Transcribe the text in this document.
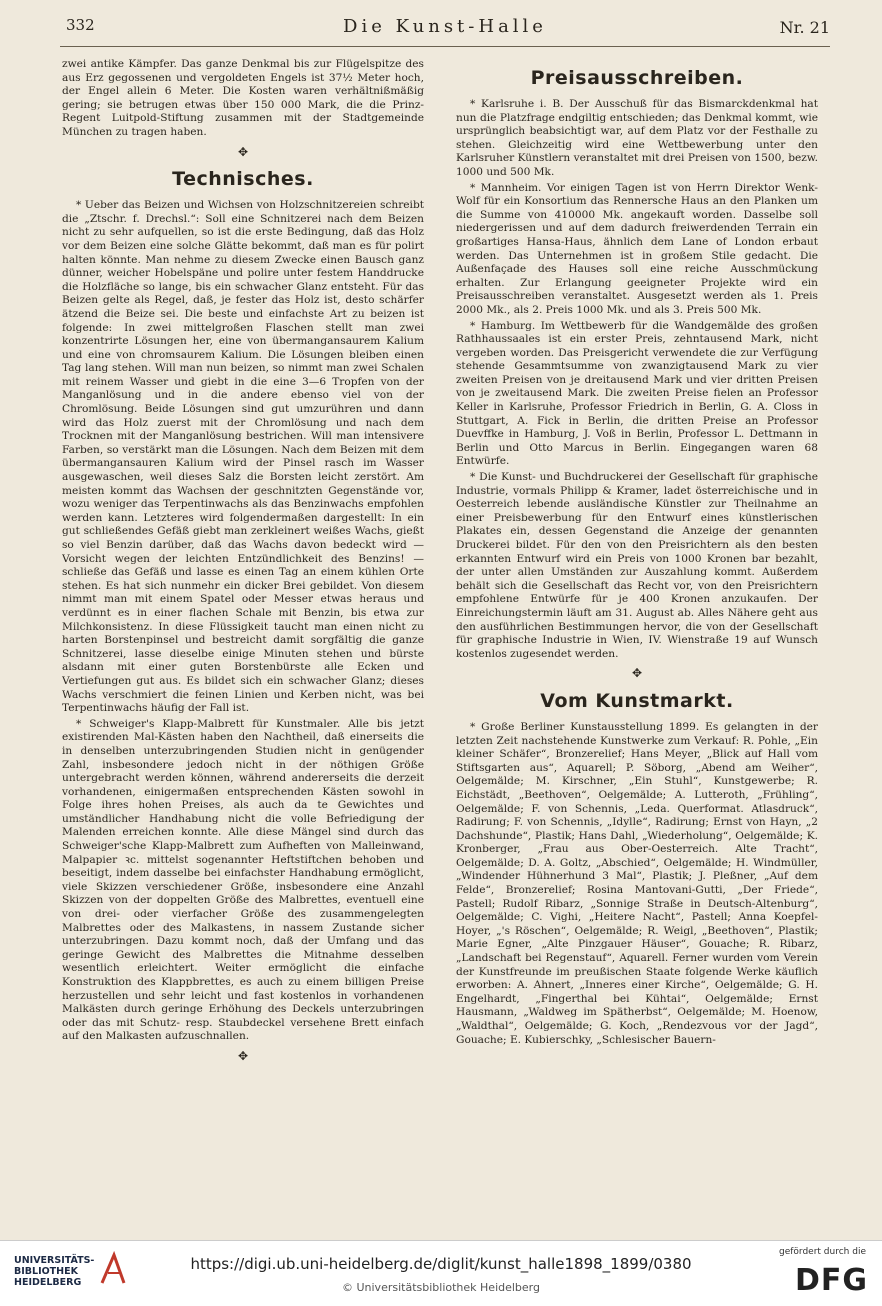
332	Die Kunst-Halle	Nr. 21

zwei antike Kämpfer. Das ganze Denkmal bis zur Flügelspitze des aus Erz gegossenen und vergoldeten Engels ist 37½ Meter hoch, der Engel allein 6 Meter. Die Kosten waren verhältnißmäßig gering; sie betrugen etwas über 150 000 Mark, die die Prinz-Regent Luitpold-Stiftung zusammen mit der Stadtgemeinde München zu tragen haben.

✥
Technisches.

* Ueber das Beizen und Wichsen von Holzschnitzereien schreibt die „Ztschr. f. Drechsl.“: Soll eine Schnitzerei nach dem Beizen nicht zu sehr aufquellen, so ist die erste Bedingung, daß das Holz vor dem Beizen eine solche Glätte bekommt, daß man es für polirt halten könnte. Man nehme zu diesem Zwecke einen Bausch ganz dünner, weicher Hobelspäne und polire unter festem Handdrucke die Holzfläche so lange, bis ein schwacher Glanz entsteht. Für das Beizen gelte als Regel, daß, je fester das Holz ist, desto schärfer ätzend die Beize sei. Die beste und einfachste Art zu beizen ist folgende: In zwei mittelgroßen Flaschen stellt man zwei konzentrirte Lösungen her, eine von übermangansaurem Kalium und eine von chromsaurem Kalium. Die Lösungen bleiben einen Tag lang stehen. Will man nun beizen, so nimmt man zwei Schalen mit reinem Wasser und giebt in die eine 3—6 Tropfen von der Manganlösung und in die andere ebenso viel von der Chromlösung. Beide Lösungen sind gut umzurühren und dann wird das Holz zuerst mit der Chromlösung und nach dem Trocknen mit der Manganlösung bestrichen. Will man intensivere Farben, so verstärkt man die Lösungen. Nach dem Beizen mit dem übermangansauren Kalium wird der Pinsel rasch im Wasser ausgewaschen, weil dieses Salz die Borsten leicht zerstört. Am meisten kommt das Wachsen der geschnitzten Gegenstände vor, wozu weniger das Terpentinwachs als das Benzinwachs empfohlen werden kann. Letzteres wird folgendermaßen dargestellt: In ein gut schließendes Gefäß giebt man zerkleinert weißes Wachs, gießt so viel Benzin darüber, daß das Wachs davon bedeckt wird — Vorsicht wegen der leichten Entzündlichkeit des Benzins! — schließe das Gefäß und lasse es einen Tag an einem kühlen Orte stehen. Es hat sich nunmehr ein dicker Brei gebildet. Von diesem nimmt man mit einem Spatel oder Messer etwas heraus und verdünnt es in einer flachen Schale mit Benzin, bis etwa zur Milchkonsistenz. In diese Flüssigkeit taucht man einen nicht zu harten Borstenpinsel und bestreicht damit sorgfältig die ganze Schnitzerei, lasse dieselbe einige Minuten stehen und bürste alsdann mit einer guten Borstenbürste alle Ecken und Vertiefungen gut aus. Es bildet sich ein schwacher Glanz; dieses Wachs verschmiert die feinen Linien und Kerben nicht, was bei Terpentinwachs häufig der Fall ist.

* Schweiger's Klapp-Malbrett für Kunstmaler. Alle bis jetzt existirenden Mal-Kästen haben den Nachtheil, daß einerseits die in denselben unterzubringenden Studien nicht in genügender Zahl, insbesondere jedoch nicht in der nöthigen Größe untergebracht werden können, während andererseits die derzeit vorhandenen, einigermaßen entsprechenden Kästen sowohl in Folge ihres hohen Preises, als auch da te Gewichtes und umständlicher Handhabung nicht die volle Befriedigung der Malenden erreichen konnte. Alle diese Mängel sind durch das Schweiger'sche Klapp-Malbrett zum Aufheften von Malleinwand, Malpapier ꝛc. mittelst sogenannter Heftstiftchen behoben und beseitigt, indem dasselbe bei einfachster Handhabung ermöglicht, viele Skizzen verschiedener Größe, insbesondere eine Anzahl Skizzen von der doppelten Größe des Malbrettes, eventuell eine von drei- oder vierfacher Größe des zusammengelegten Malbrettes oder des Malkastens, in nassem Zustande sicher unterzubringen. Dazu kommt noch, daß der Umfang und das geringe Gewicht des Malbrettes die Mitnahme desselben wesentlich erleichtert. Weiter ermöglicht die einfache Konstruktion des Klappbrettes, es auch zu einem billigen Preise herzustellen und sehr leicht und fast kostenlos in vorhandenen Malkästen durch geringe Erhöhung des Deckels unterzubringen oder das mit Schutz- resp. Staubdeckel versehene Brett einfach auf den Malkasten aufzuschnallen.

✥
Preisausschreiben.

* Karlsruhe i. B. Der Ausschuß für das Bismarckdenkmal hat nun die Platzfrage endgiltig entschieden; das Denkmal kommt, wie ursprünglich beabsichtigt war, auf dem Platz vor der Festhalle zu stehen. Gleichzeitig wird eine Wettbewerbung unter den Karlsruher Künstlern veranstaltet mit drei Preisen von 1500, bezw. 1000 und 500 Mk.

* Mannheim. Vor einigen Tagen ist von Herrn Direktor Wenk-Wolf für ein Konsortium das Rennersche Haus an den Planken um die Summe von 410000 Mk. angekauft worden. Dasselbe soll niedergerissen und auf dem dadurch freiwerdenden Terrain ein großartiges Hansa-Haus, ähnlich dem Lane of London erbaut werden. Das Unternehmen ist in großem Stile gedacht. Die Außenfaçade des Hauses soll eine reiche Ausschmückung erhalten. Zur Erlangung geeigneter Projekte wird ein Preisausschreiben veranstaltet. Ausgesetzt werden als 1. Preis 2000 Mk., als 2. Preis 1000 Mk. und als 3. Preis 500 Mk.

* Hamburg. Im Wettbewerb für die Wandgemälde des großen Rathhaussaales ist ein erster Preis, zehntausend Mark, nicht vergeben worden. Das Preisgericht verwendete die zur Verfügung stehende Gesammtsumme von zwanzigtausend Mark zu vier zweiten Preisen von je dreitausend Mark und vier dritten Preisen von je zweitausend Mark. Die zweiten Preise fielen an Professor Keller in Karlsruhe, Professor Friedrich in Berlin, G. A. Closs in Stuttgart, A. Fick in Berlin, die dritten Preise an Professor Duevffke in Hamburg, J. Voß in Berlin, Professor L. Dettmann in Berlin und Otto Marcus in Berlin. Eingegangen waren 68 Entwürfe.

* Die Kunst- und Buchdruckerei der Gesellschaft für graphische Industrie, vormals Philipp & Kramer, ladet österreichische und in Oesterreich lebende ausländische Künstler zur Theilnahme an einer Preisbewerbung für den Entwurf eines künstlerischen Plakates ein, dessen Gegenstand die Anzeige der genannten Druckerei bildet. Für den von den Preisrichtern als den besten erkannten Entwurf wird ein Preis von 1000 Kronen bar bezahlt, der unter allen Umständen zur Auszahlung kommt. Außerdem behält sich die Gesellschaft das Recht vor, von den Preisrichtern empfohlene Entwürfe für je 400 Kronen anzukaufen. Der Einreichungstermin läuft am 31. August ab. Alles Nähere geht aus den ausführlichen Bestimmungen hervor, die von der Gesellschaft für graphische Industrie in Wien, IV. Wienstraße 19 auf Wunsch kostenlos zugesendet werden.

✥
Vom Kunstmarkt.

* Große Berliner Kunstausstellung 1899. Es gelangten in der letzten Zeit nachstehende Kunstwerke zum Verkauf: R. Pohle, „Ein kleiner Schäfer“, Bronzerelief; Hans Meyer, „Blick auf Hall vom Stiftsgarten aus“, Aquarell; P. Söborg, „Abend am Weiher“, Oelgemälde; M. Kirschner, „Ein Stuhl“, Kunstgewerbe; R. Eichstädt, „Beethoven“, Oelgemälde; A. Lutteroth, „Frühling“, Oelgemälde; F. von Schennis, „Leda. Querformat. Atlasdruck“, Radirung; F. von Schennis, „Idylle“, Radirung; Ernst von Hayn, „2 Dachshunde“, Plastik; Hans Dahl, „Wiederholung“, Oelgemälde; K. Kronberger, „Frau aus Ober-Oesterreich. Alte Tracht“, Oelgemälde; D. A. Goltz, „Abschied“, Oelgemälde; H. Windmüller, „Windender Hühnerhund 3 Mal“, Plastik; J. Pleßner, „Auf dem Felde“, Bronzerelief; Rosina Mantovani-Gutti, „Der Friede“, Pastell; Rudolf Ribarz, „Sonnige Straße in Deutsch-Altenburg“, Oelgemälde; C. Vighi, „Heitere Nacht“, Pastell; Anna Koepfel-Hoyer, „'s Röschen“, Oelgemälde; R. Weigl, „Beethoven“, Plastik; Marie Egner, „Alte Pinzgauer Häuser“, Gouache; R. Ribarz, „Landschaft bei Regenstauf“, Aquarell. Ferner wurden vom Verein der Kunstfreunde im preußischen Staate folgende Werke käuflich erworben: A. Ahnert, „Inneres einer Kirche“, Oelgemälde; G. H. Engelhardt, „Fingerthal bei Kühtai“, Oelgemälde; Ernst Hausmann, „Waldweg im Spätherbst“, Oelgemälde; M. Hoenow, „Waldthal“, Oelgemälde; G. Koch, „Rendezvous vor der Jagd“, Gouache; E. Kubierschky, „Schlesischer Bauern-

UNIVERSITÄTS-
BIBLIOTHEK
HEIDELBERG
https://digi.ub.uni-heidelberg.de/diglit/kunst_halle1898_1899/0380
© Universitätsbibliothek Heidelberg
gefördert durch die
DFG
